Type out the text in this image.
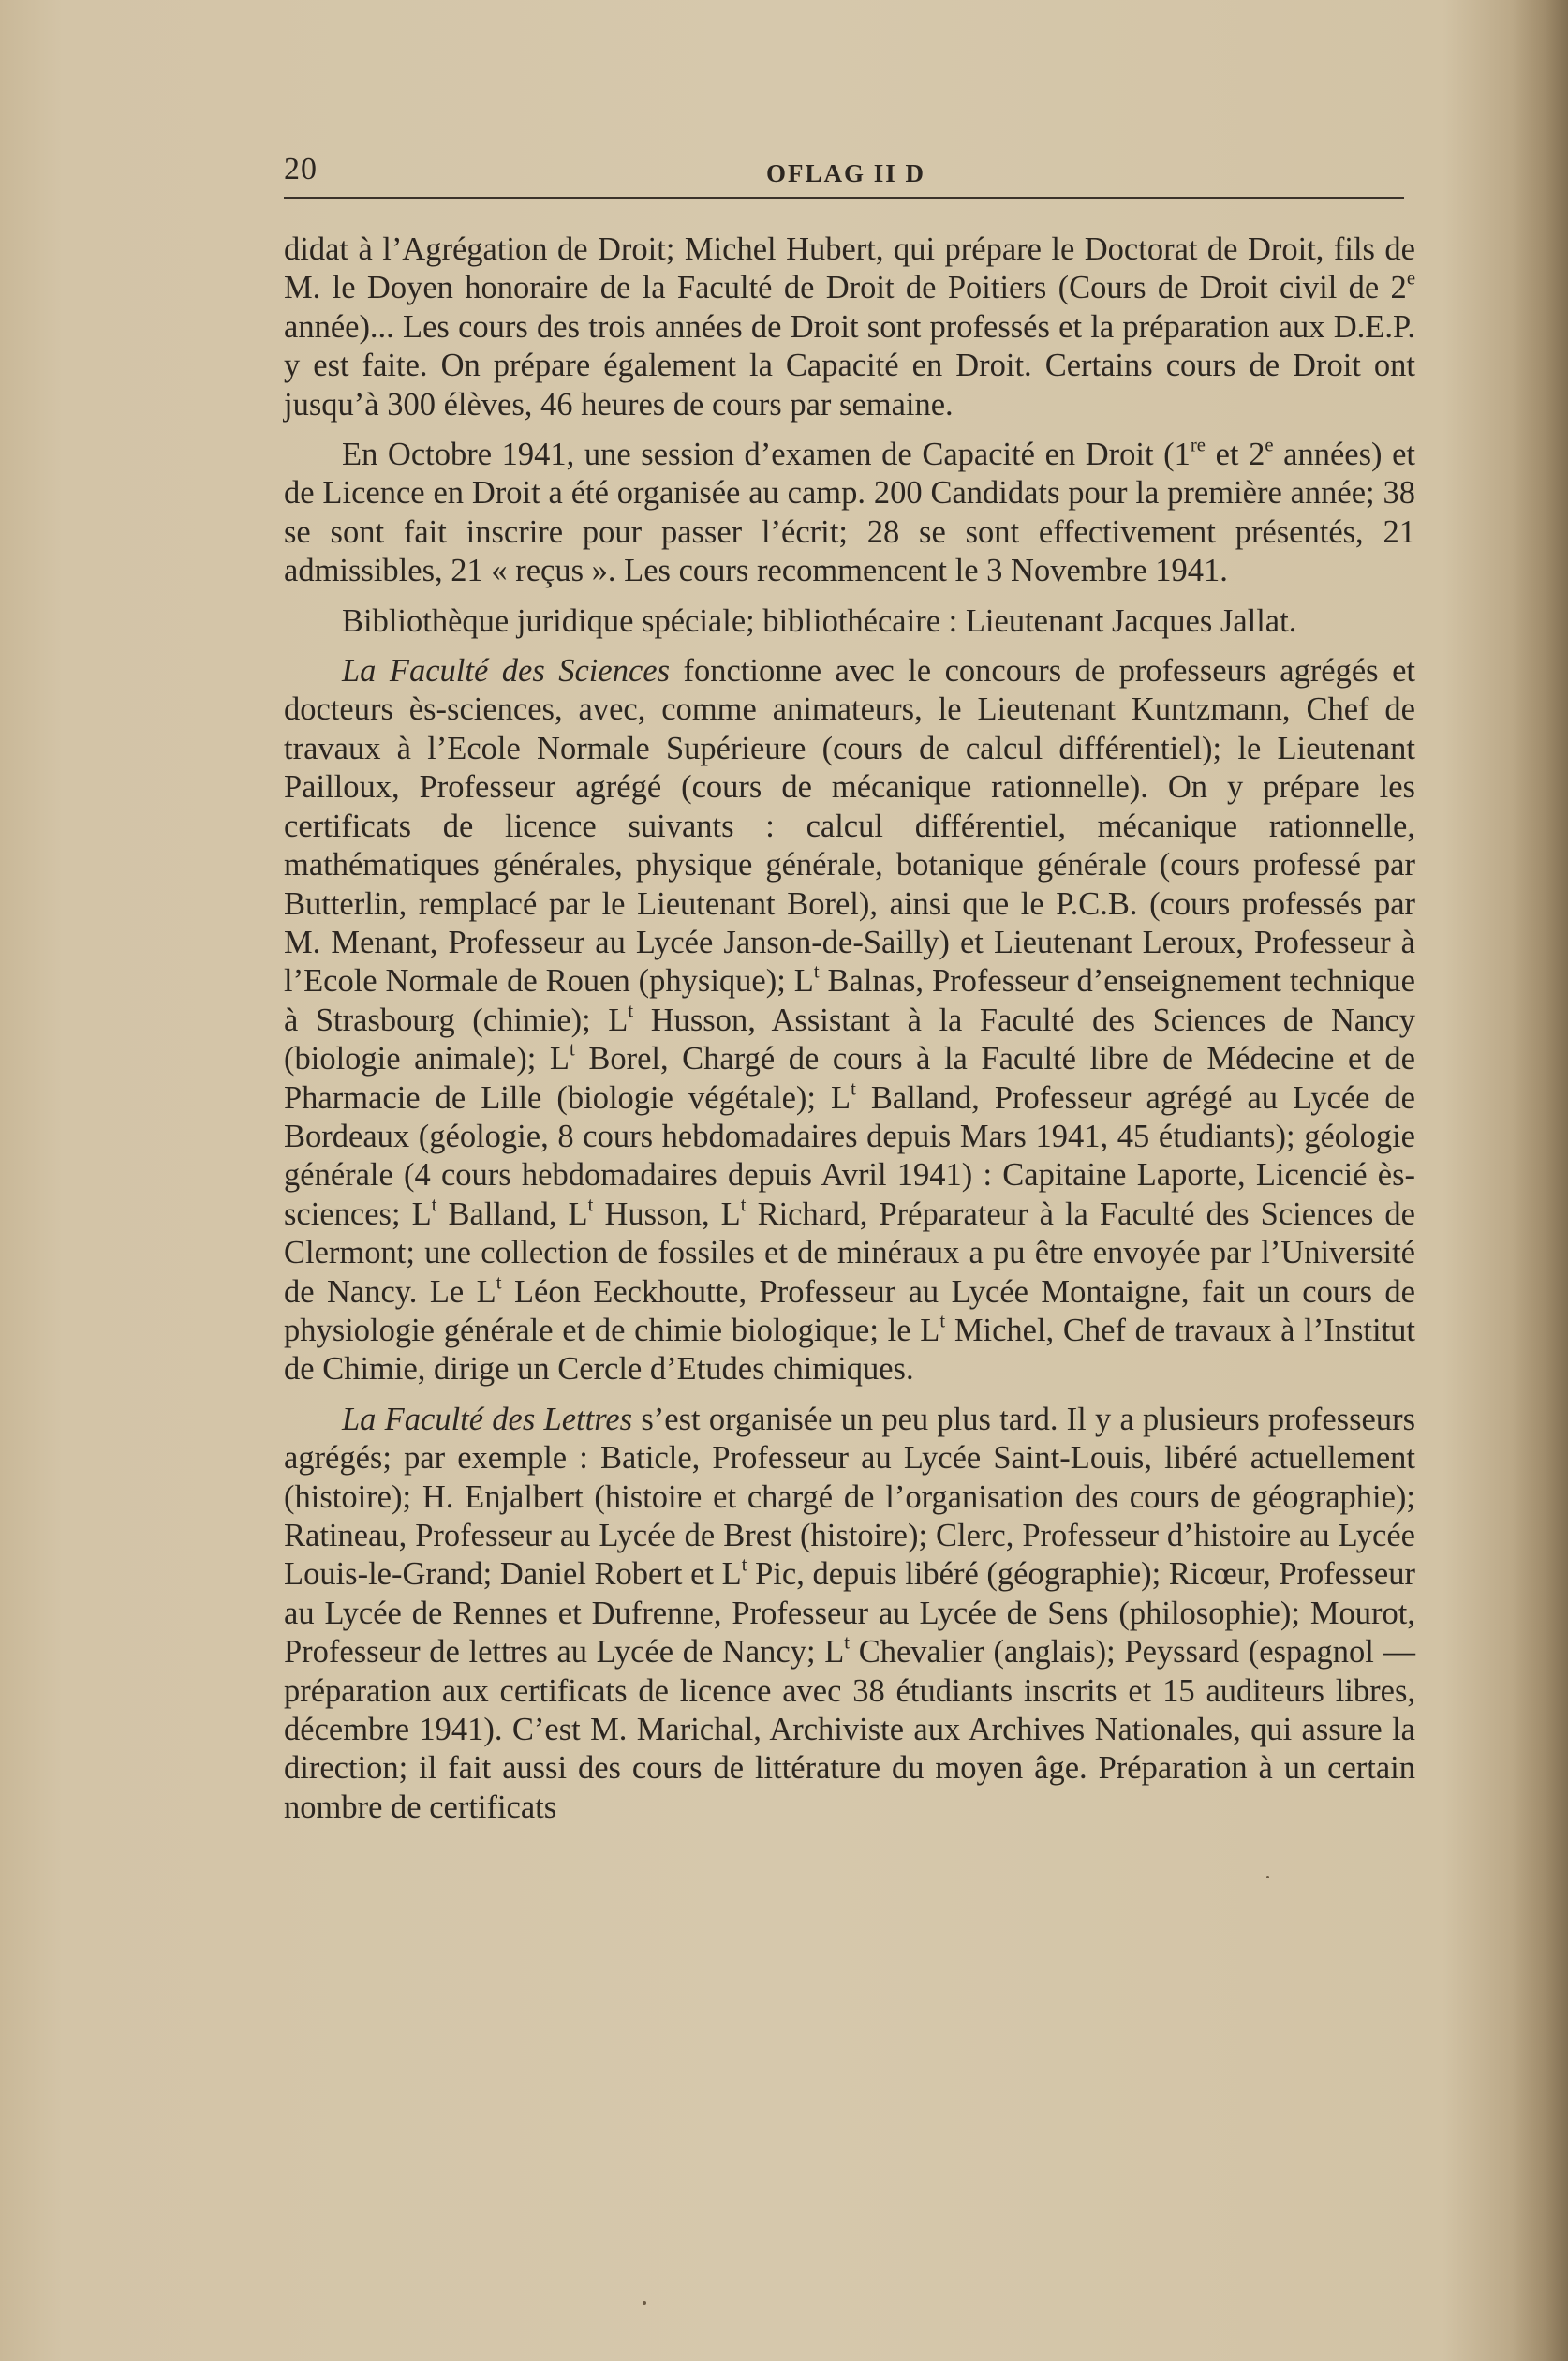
20	OFLAG II D

didat à l’Agrégation de Droit; Michel Hubert, qui prépare le Doctorat de Droit, fils de M. le Doyen honoraire de la Faculté de Droit de Poitiers (Cours de Droit civil de 2e année)... Les cours des trois années de Droit sont professés et la préparation aux D.E.P. y est faite. On prépare également la Capacité en Droit. Certains cours de Droit ont jusqu’à 300 élèves, 46 heures de cours par semaine.

En Octobre 1941, une session d’examen de Capacité en Droit (1re et 2e années) et de Licence en Droit a été organisée au camp. 200 Candidats pour la première année; 38 se sont fait inscrire pour passer l’écrit; 28 se sont effectivement présentés, 21 admissibles, 21 « reçus ». Les cours recommencent le 3 Novembre 1941.

Bibliothèque juridique spéciale; bibliothécaire : Lieutenant Jacques Jallat.

La Faculté des Sciences fonctionne avec le concours de professeurs agrégés et docteurs ès-sciences, avec, comme animateurs, le Lieutenant Kuntzmann, Chef de travaux à l’Ecole Normale Supérieure (cours de calcul différentiel); le Lieutenant Pailloux, Professeur agrégé (cours de mécanique rationnelle). On y prépare les certificats de licence suivants : calcul différentiel, mécanique rationnelle, mathématiques générales, physique générale, botanique générale (cours professé par Butterlin, remplacé par le Lieutenant Borel), ainsi que le P.C.B. (cours professés par M. Menant, Professeur au Lycée Janson-de-Sailly) et Lieutenant Leroux, Professeur à l’Ecole Normale de Rouen (physique); $L^t$ Balnas, Professeur d’enseignement technique à Strasbourg (chimie); $L^t$ Husson, Assistant à la Faculté des Sciences de Nancy (biologie animale); $L^t$ Borel, Chargé de cours à la Faculté libre de Médecine et de Pharmacie de Lille (biologie végétale); $L^t$ Balland, Professeur agrégé au Lycée de Bordeaux (géologie, 8 cours hebdomadaires depuis Mars 1941, 45 étudiants); géologie générale (4 cours hebdomadaires depuis Avril 1941) : Capitaine Laporte, Licencié ès-sciences; $L^t$ Balland, $L^t$ Husson, $L^t$ Richard, Préparateur à la Faculté des Sciences de Clermont; une collection de fossiles et de minéraux a pu être envoyée par l’Université de Nancy. Le $L^t$ Léon Eeckhoutte, Professeur au Lycée Montaigne, fait un cours de physiologie générale et de chimie biologique; le $L^t$ Michel, Chef de travaux à l’Institut de Chimie, dirige un Cercle d’Etudes chimiques.

La Faculté des Lettres s’est organisée un peu plus tard. Il y a plusieurs professeurs agrégés; par exemple : Baticle, Professeur au Lycée Saint-Louis, libéré actuellement (histoire); H. Enjalbert (histoire et chargé de l’organisation des cours de géographie); Ratineau, Professeur au Lycée de Brest (histoire); Clerc, Professeur d’histoire au Lycée Louis-le-Grand; Daniel Robert et $L^t$ Pic, depuis libéré (géographie); Ricœur, Professeur au Lycée de Rennes et Dufrenne, Professeur au Lycée de Sens (philosophie); Mourot, Professeur de lettres au Lycée de Nancy; $L^t$ Chevalier (anglais); Peyssard (espagnol — préparation aux certificats de licence avec 38 étudiants inscrits et 15 auditeurs libres, décembre 1941). C’est M. Marichal, Archiviste aux Archives Nationales, qui assure la direction; il fait aussi des cours de littérature du moyen âge. Préparation à un certain nombre de certificats
